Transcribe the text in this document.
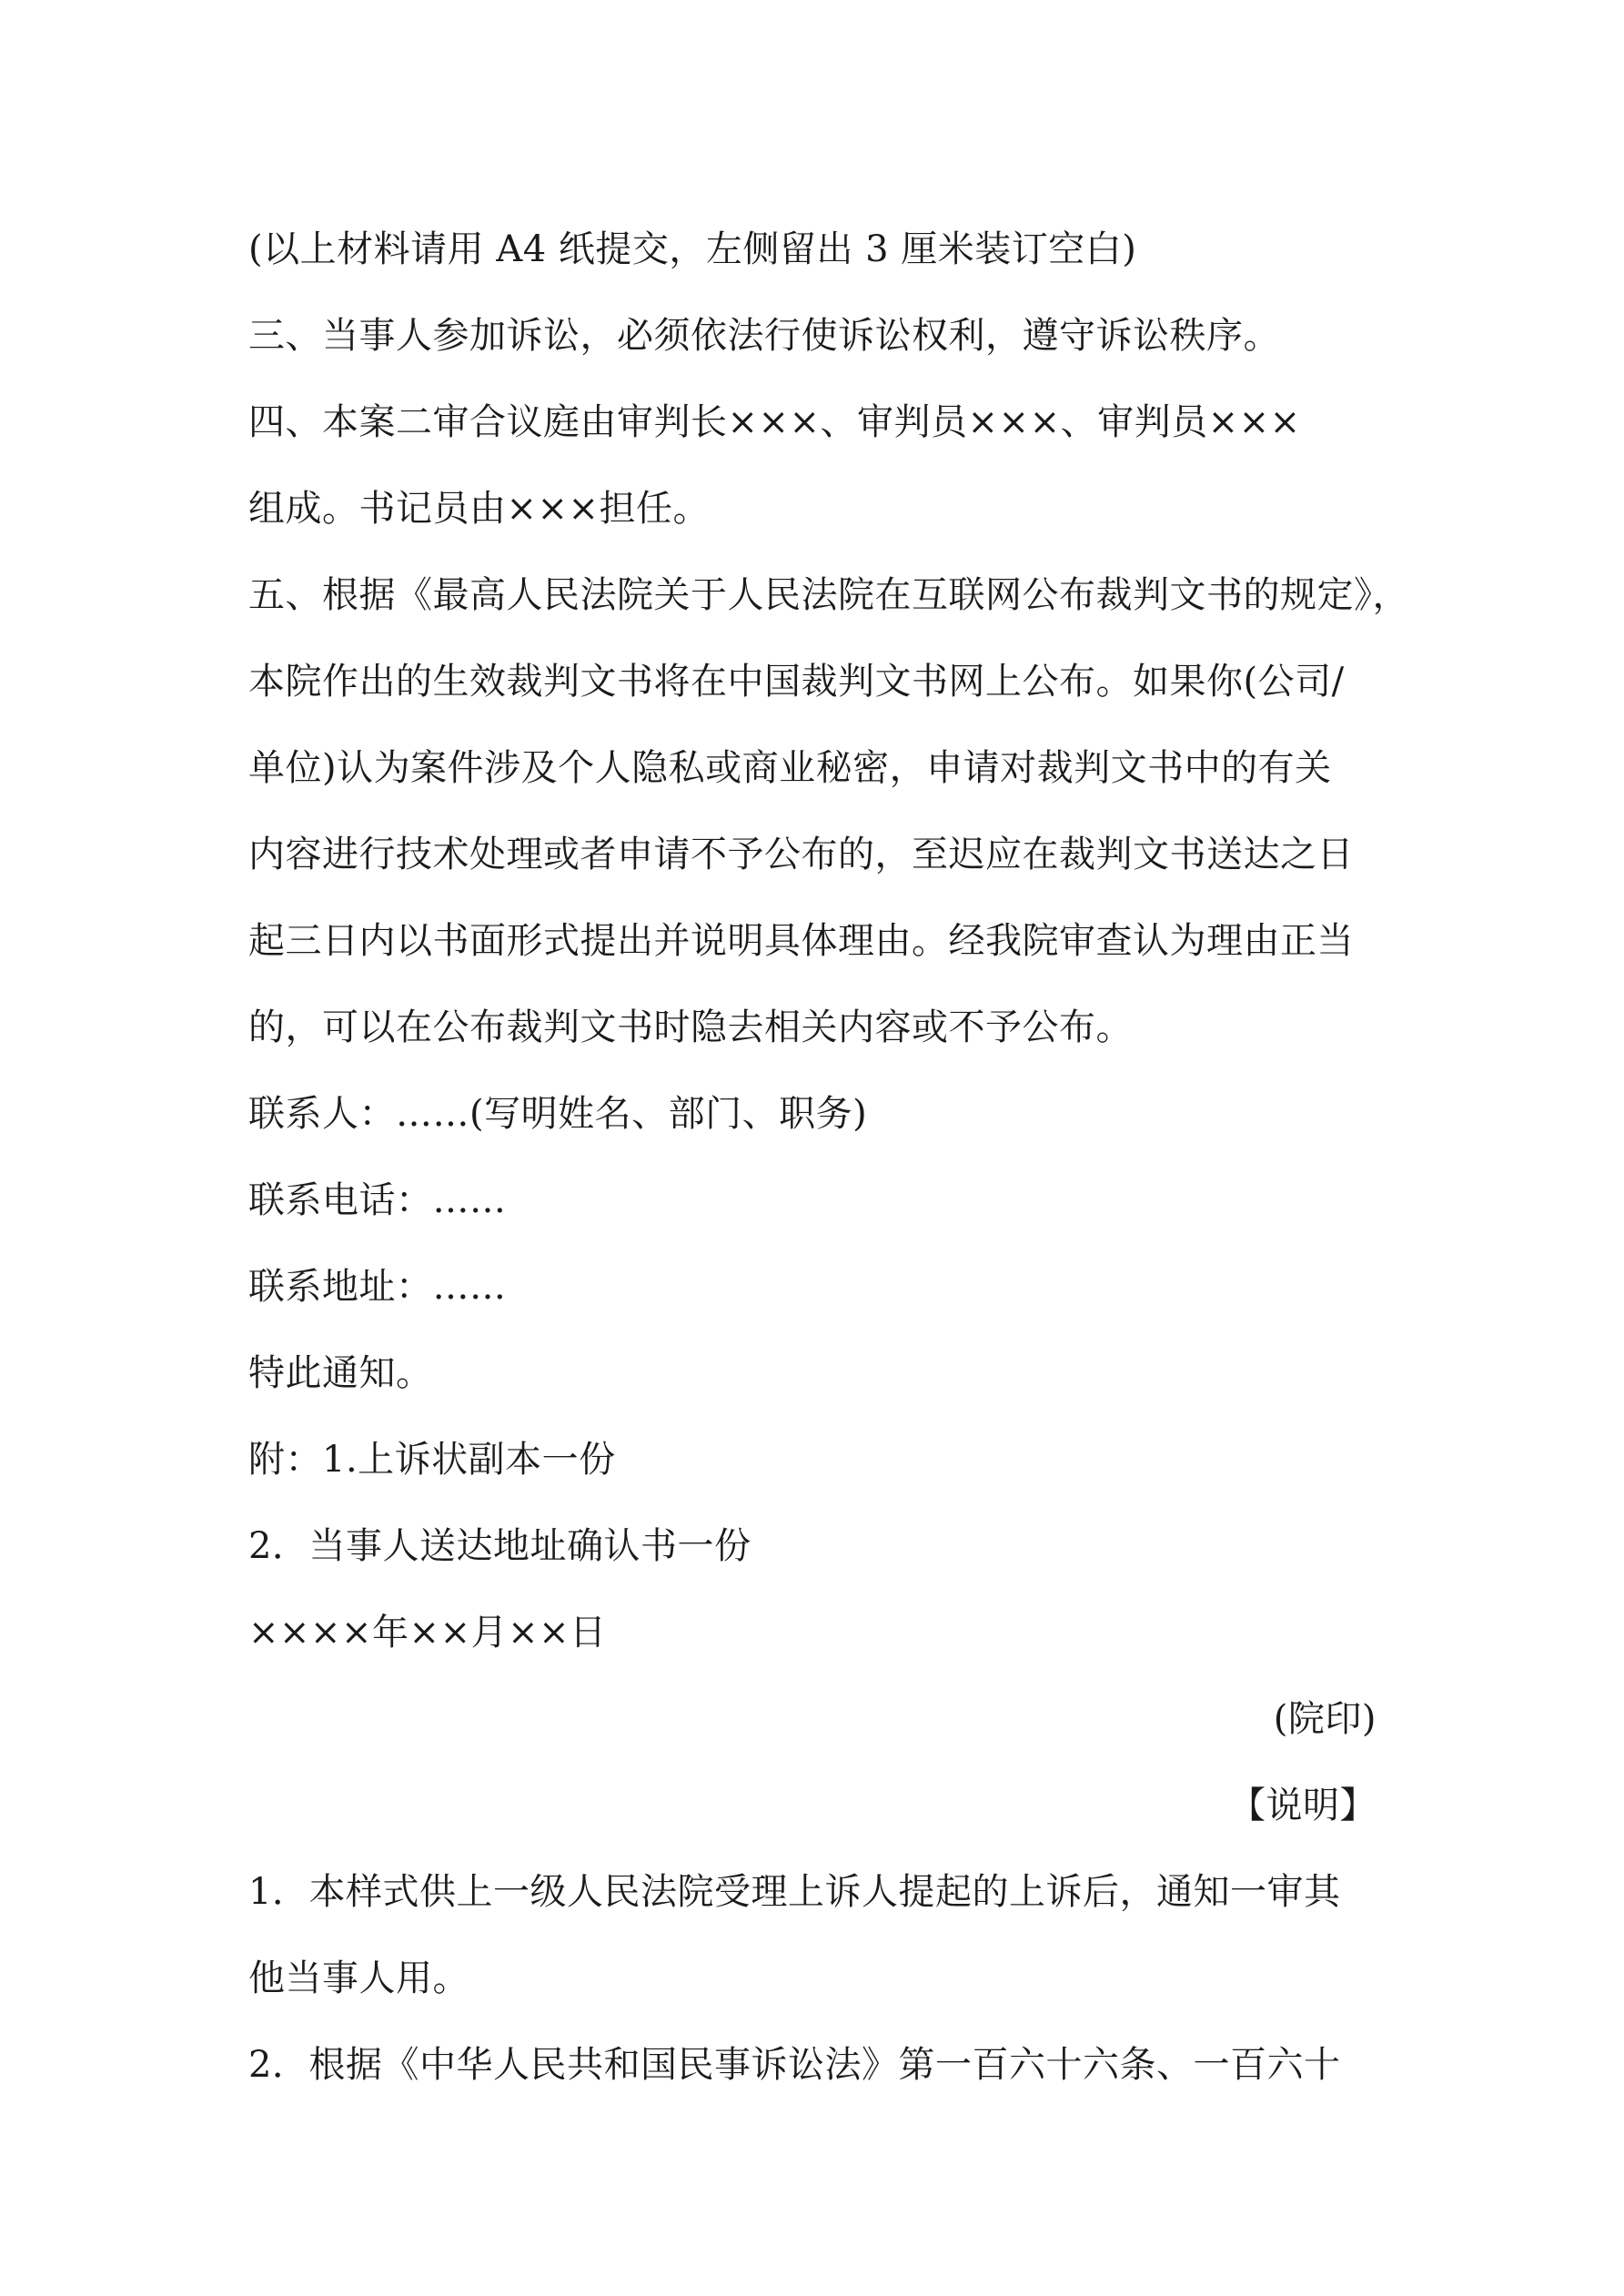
(以上材料请用 A4 纸提交，左侧留出 3 厘米装订空白)
三、当事人参加诉讼，必须依法行使诉讼权利，遵守诉讼秩序。
四、本案二审合议庭由审判长×××、审判员×××、审判员×××
组成。书记员由×××担任。
五、根据《最高人民法院关于人民法院在互联网公布裁判文书的规定》，
本院作出的生效裁判文书将在中国裁判文书网上公布。如果你(公司/
单位)认为案件涉及个人隐私或商业秘密，申请对裁判文书中的有关
内容进行技术处理或者申请不予公布的，至迟应在裁判文书送达之日
起三日内以书面形式提出并说明具体理由。经我院审查认为理由正当
的，可以在公布裁判文书时隐去相关内容或不予公布。
联系人：……(写明姓名、部门、职务)
联系电话：……
联系地址：……
特此通知。
附：1.上诉状副本一份
2．当事人送达地址确认书一份
××××年××月××日
(院印)
【说明】
1．本样式供上一级人民法院受理上诉人提起的上诉后，通知一审其
他当事人用。
2．根据《中华人民共和国民事诉讼法》第一百六十六条、一百六十
